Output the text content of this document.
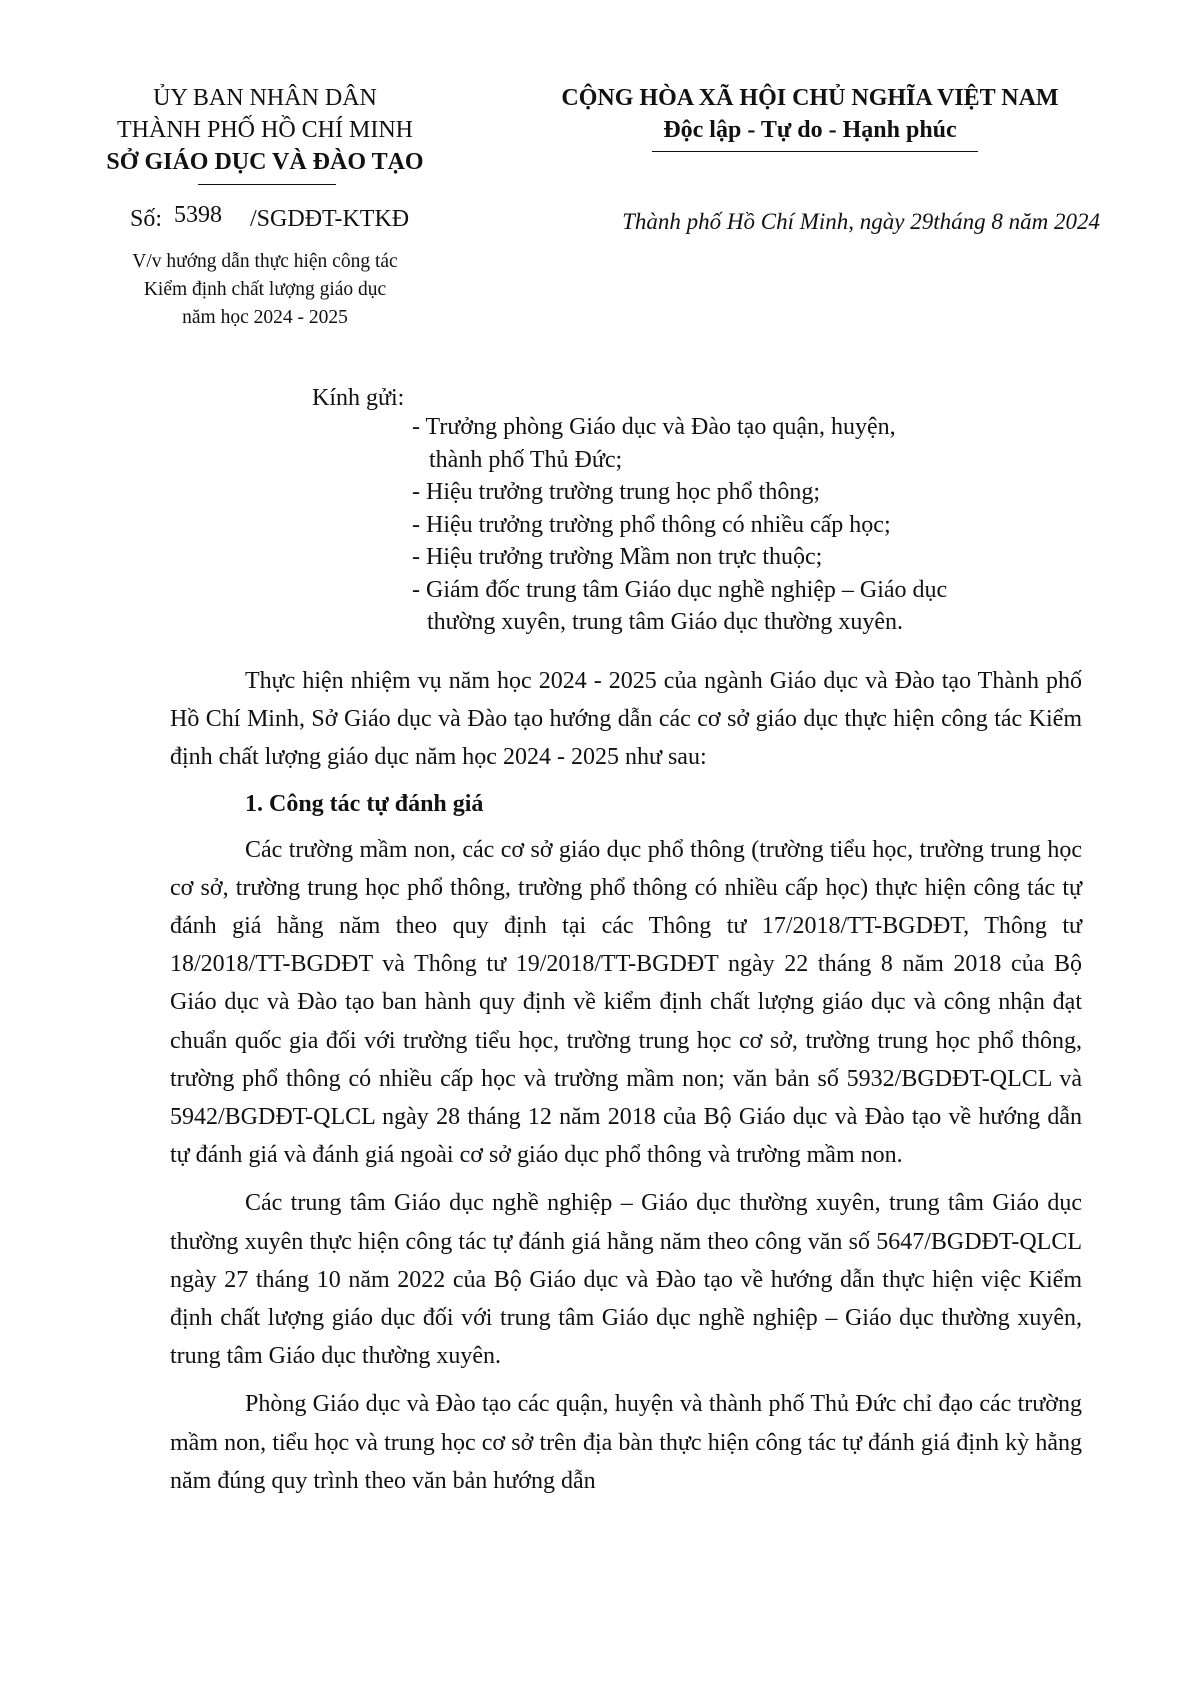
ỦY BAN NHÂN DÂN
THÀNH PHỐ HỒ CHÍ MINH
SỞ GIÁO DỤC VÀ ĐÀO TẠO
CỘNG HÒA XÃ HỘI CHỦ NGHĨA VIỆT NAM
Độc lập - Tự do - Hạnh phúc
Số: 5398 /SGDĐT-KTKĐ	Thành phố Hồ Chí Minh, ngày 29tháng 8 năm 2024
V/v hướng dẫn thực hiện công tác
Kiểm định chất lượng giáo dục
năm học 2024 - 2025
Kính gửi:
- Trưởng phòng Giáo dục và Đào tạo quận, huyện,
thành phố Thủ Đức;
- Hiệu trưởng trường trung học phổ thông;
- Hiệu trưởng trường phổ thông có nhiều cấp học;
- Hiệu trưởng trường Mầm non trực thuộc;
- Giám đốc trung tâm Giáo dục nghề nghiệp – Giáo dục
thường xuyên, trung tâm Giáo dục thường xuyên.

Thực hiện nhiệm vụ năm học 2024 - 2025 của ngành Giáo dục và Đào tạo Thành phố Hồ Chí Minh, Sở Giáo dục và Đào tạo hướng dẫn các cơ sở giáo dục thực hiện công tác Kiểm định chất lượng giáo dục năm học 2024 - 2025 như sau:

1. Công tác tự đánh giá

Các trường mầm non, các cơ sở giáo dục phổ thông (trường tiểu học, trường trung học cơ sở, trường trung học phổ thông, trường phổ thông có nhiều cấp học) thực hiện công tác tự đánh giá hằng năm theo quy định tại các Thông tư 17/2018/TT-BGDĐT, Thông tư 18/2018/TT-BGDĐT và Thông tư 19/2018/TT-BGDĐT ngày 22 tháng 8 năm 2018 của Bộ Giáo dục và Đào tạo ban hành quy định về kiểm định chất lượng giáo dục và công nhận đạt chuẩn quốc gia đối với trường tiểu học, trường trung học cơ sở, trường trung học phổ thông, trường phổ thông có nhiều cấp học và trường mầm non; văn bản số 5932/BGDĐT-QLCL và 5942/BGDĐT-QLCL ngày 28 tháng 12 năm 2018 của Bộ Giáo dục và Đào tạo về hướng dẫn tự đánh giá và đánh giá ngoài cơ sở giáo dục phổ thông và trường mầm non.

Các trung tâm Giáo dục nghề nghiệp – Giáo dục thường xuyên, trung tâm Giáo dục thường xuyên thực hiện công tác tự đánh giá hằng năm theo công văn số 5647/BGDĐT-QLCL ngày 27 tháng 10 năm 2022 của Bộ Giáo dục và Đào tạo về hướng dẫn thực hiện việc Kiểm định chất lượng giáo dục đối với trung tâm Giáo dục nghề nghiệp – Giáo dục thường xuyên, trung tâm Giáo dục thường xuyên.

Phòng Giáo dục và Đào tạo các quận, huyện và thành phố Thủ Đức chỉ đạo các trường mầm non, tiểu học và trung học cơ sở trên địa bàn thực hiện công tác tự đánh giá định kỳ hằng năm đúng quy trình theo văn bản hướng dẫn
